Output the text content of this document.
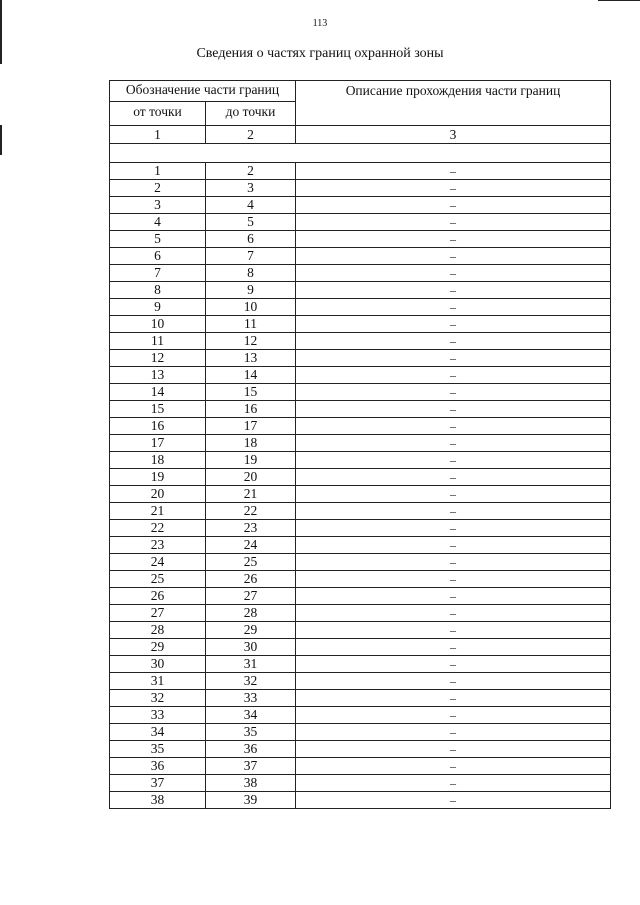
113
Сведения о частях границ охранной зоны
Обозначение части границ		Описание прохождения части границ
от точки	до точки	
1	2	3

1	2	–
2	3	–
3	4	–
4	5	–
5	6	–
6	7	–
7	8	–
8	9	–
9	10	–
10	11	–
11	12	–
12	13	–
13	14	–
14	15	–
15	16	–
16	17	–
17	18	–
18	19	–
19	20	–
20	21	–
21	22	–
22	23	–
23	24	–
24	25	–
25	26	–
26	27	–
27	28	–
28	29	–
29	30	–
30	31	–
31	32	–
32	33	–
33	34	–
34	35	–
35	36	–
36	37	–
37	38	–
38	39	–
